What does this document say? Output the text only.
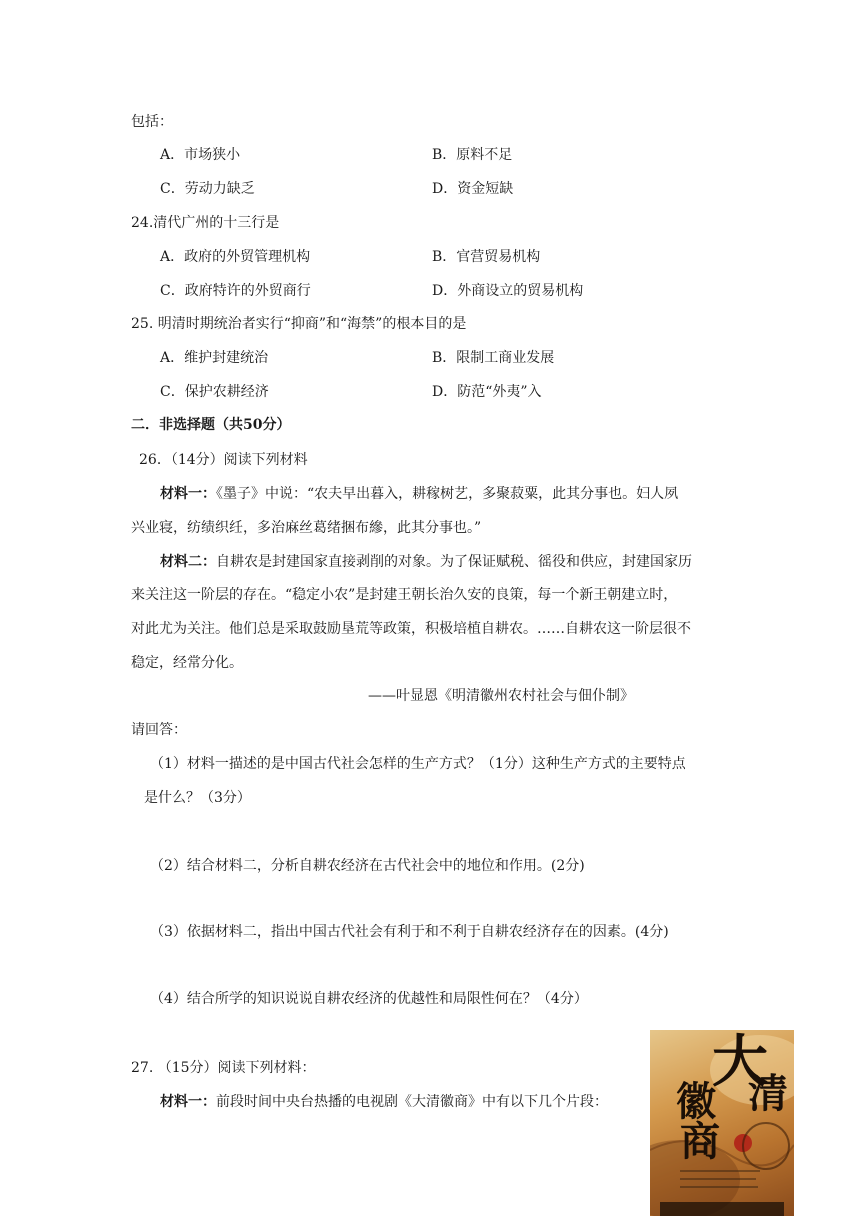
包括：
A．市场狭小	B．原料不足
C．劳动力缺乏	D．资金短缺
24.清代广州的十三行是
A．政府的外贸管理机构	B．官营贸易机构
C．政府特许的外贸商行	D．外商设立的贸易机构
25. 明清时期统治者实行“抑商”和“海禁”的根本目的是
A．维护封建统治	B．限制工商业发展
C．保护农耕经济	D．防范“外夷”入
二．非选择题（共50分）
26．（14分）阅读下列材料
材料一：《墨子》中说：“农夫早出暮入，耕稼树艺，多聚菽粟，此其分事也。妇人夙
兴业寝，纺绩织纴，多治麻丝葛绪捆布縿，此其分事也。”
材料二：自耕农是封建国家直接剥削的对象。为了保证赋税、徭役和供应，封建国家历
来关注这一阶层的存在。“稳定小农”是封建王朝长治久安的良策，每一个新王朝建立时，
对此尤为关注。他们总是采取鼓励垦荒等政策，积极培植自耕农。……自耕农这一阶层很不
稳定，经常分化。
——叶显恩《明清徽州农村社会与佃仆制》
请回答：
（1）材料一描述的是中国古代社会怎样的生产方式？（1分）这种生产方式的主要特点
是什么？（3分）
（2）结合材料二，分析自耕农经济在古代社会中的地位和作用。(2分)
（3）依据材料二，指出中国古代社会有利于和不利于自耕农经济存在的因素。(4分)
（4）结合所学的知识说说自耕农经济的优越性和局限性何在？（4分）
27. （15分）阅读下列材料：
材料一：前段时间中央台热播的电视剧《大清徽商》中有以下几个片段：
大
清
徽
商
